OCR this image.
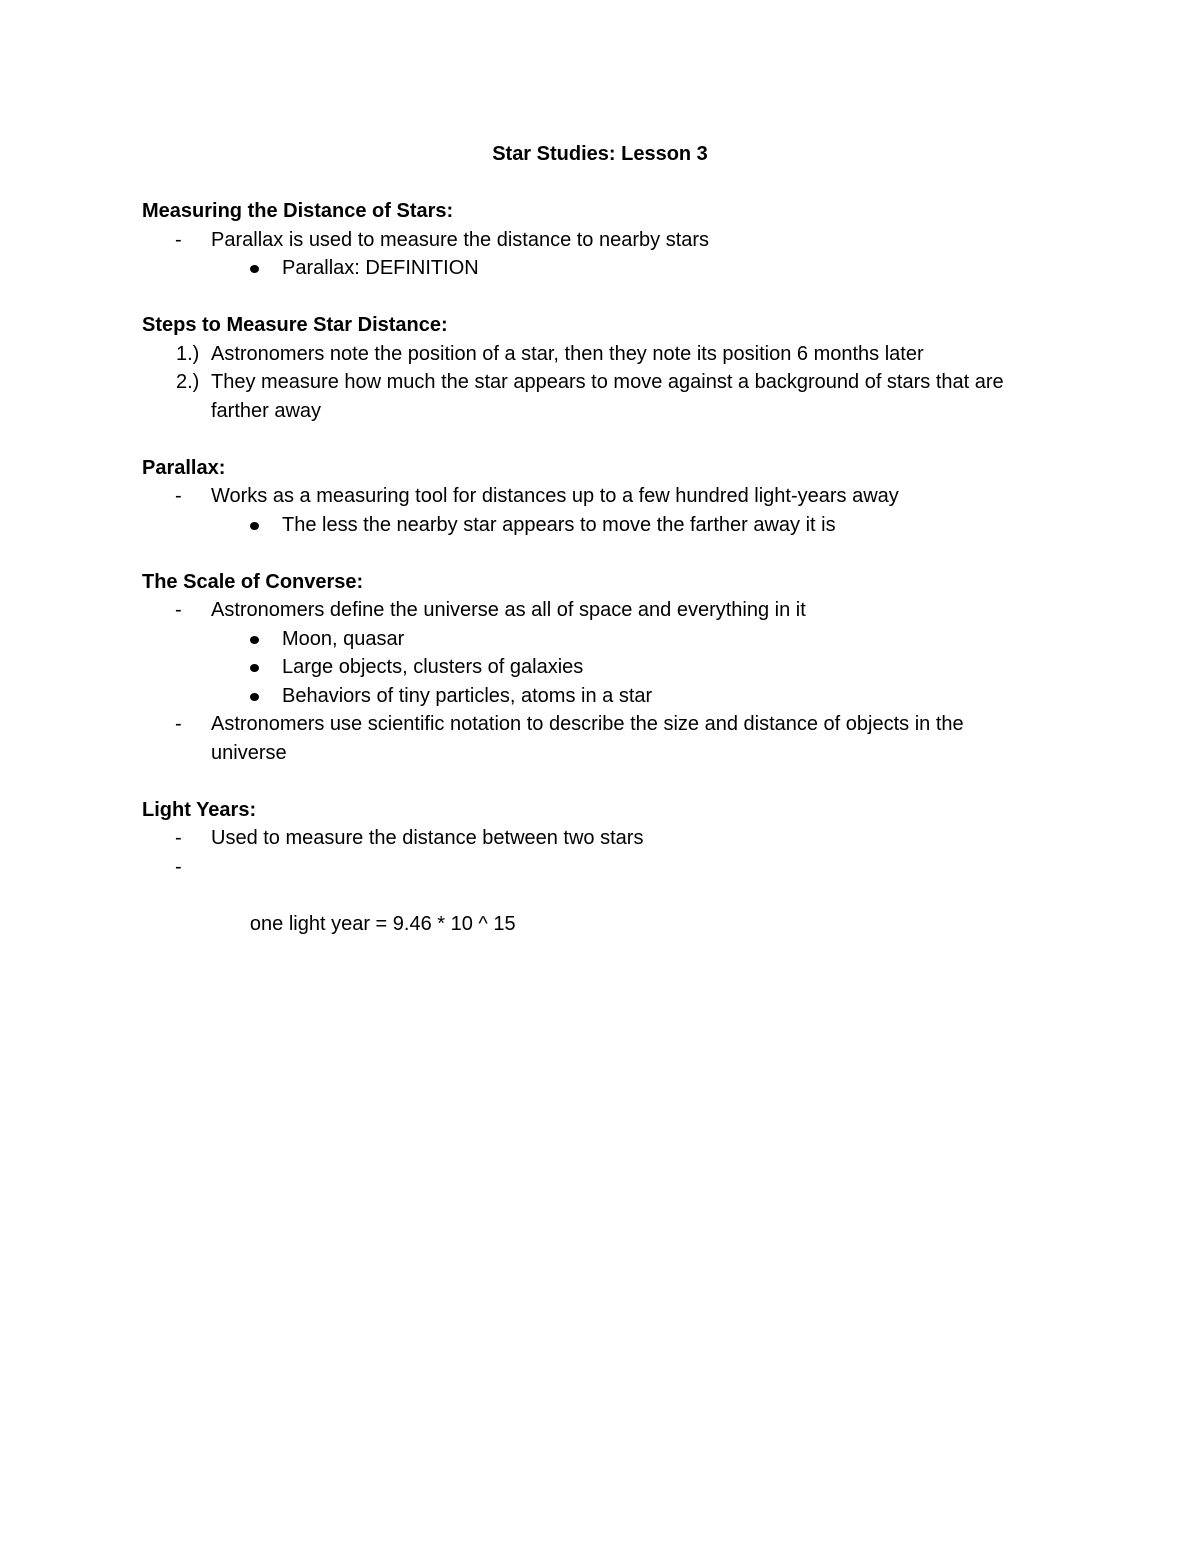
Star Studies: Lesson 3

Measuring the Distance of Stars:

- Parallax is used to measure the distance to nearby stars
Parallax: DEFINITION

Steps to Measure Star Distance:

1.) Astronomers note the position of a star, then they note its position 6 months later
2.) They measure how much the star appears to move against a background of stars that are farther away

Parallax:

- Works as a measuring tool for distances up to a few hundred light-years away
The less the nearby star appears to move the farther away it is

The Scale of Converse:

- Astronomers define the universe as all of space and everything in it
Moon, quasar
Large objects, clusters of galaxies
Behaviors of tiny particles, atoms in a star
- Astronomers use scientific notation to describe the size and distance of objects in the universe

Light Years:

- Used to measure the distance between two stars

-

one light year = 9.46 * 10 ^ 15
